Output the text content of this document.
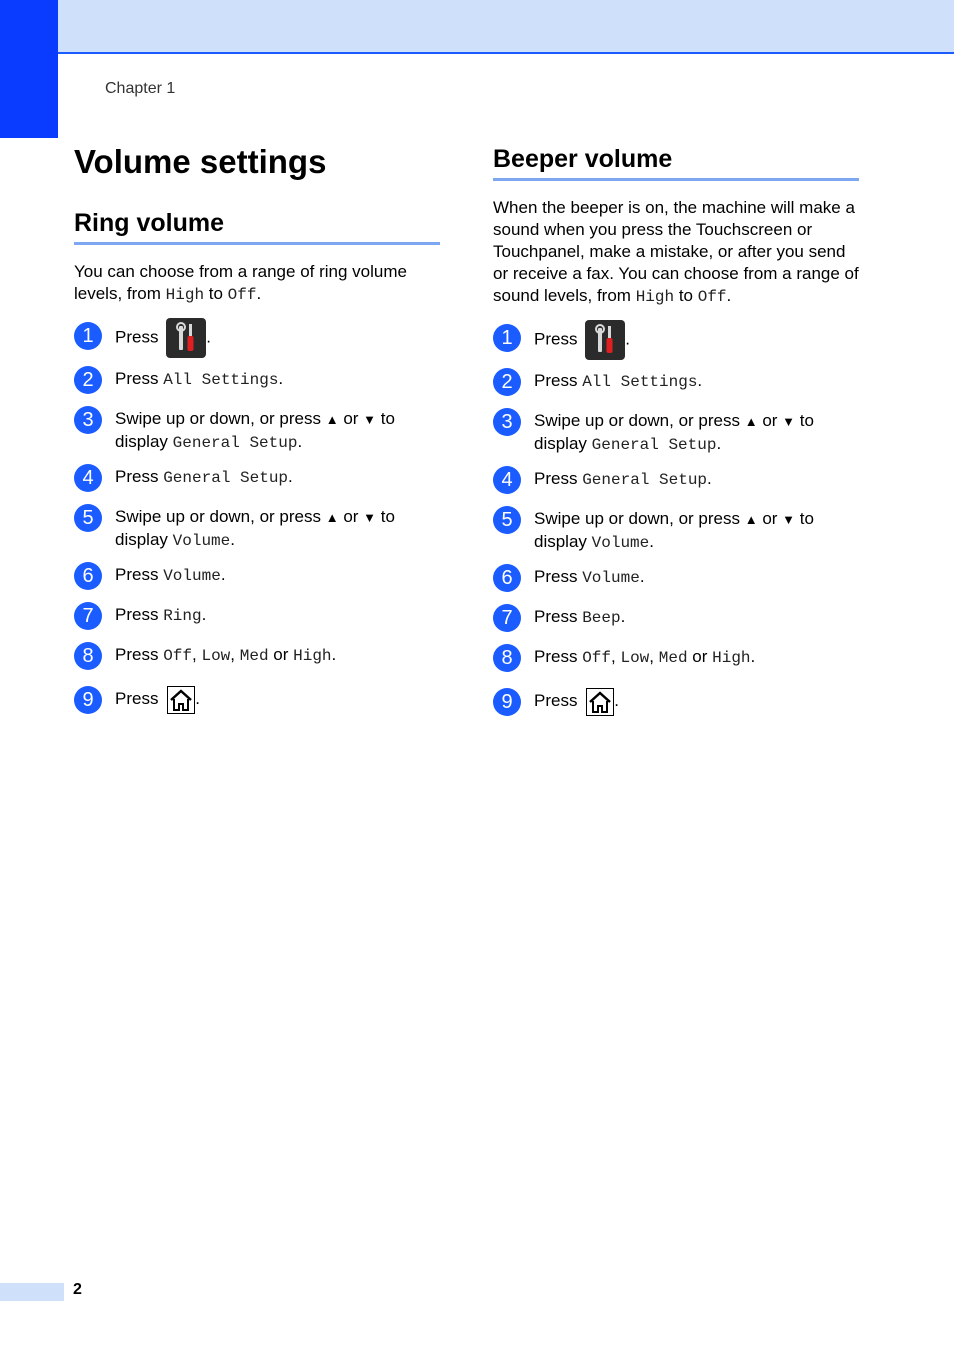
Chapter 1
Volume settings
Ring volume

You can choose from a range of ring volume levels, from High to Off.

1	Press	.
2	Press All Settings.
3	Swipe up or down, or press ▲ or ▼ to
display General Setup.
4	Press General Setup.
5	Swipe up or down, or press ▲ or ▼ to
display Volume.
6	Press Volume.
7	Press Ring.
8	Press Off, Low, Med or High.
9	Press .
Beeper volume

When the beeper is on, the machine will make a sound when you press the Touchscreen or Touchpanel, make a mistake, or after you send or receive a fax. You can choose from a range of sound levels, from High to Off.

1	Press	.
2	Press All Settings.
3	Swipe up or down, or press ▲ or ▼ to
display General Setup.
4	Press General Setup.
5	Swipe up or down, or press ▲ or ▼ to
display Volume.
6	Press Volume.
7	Press Beep.
8	Press Off, Low, Med or High.
9	Press .
2
